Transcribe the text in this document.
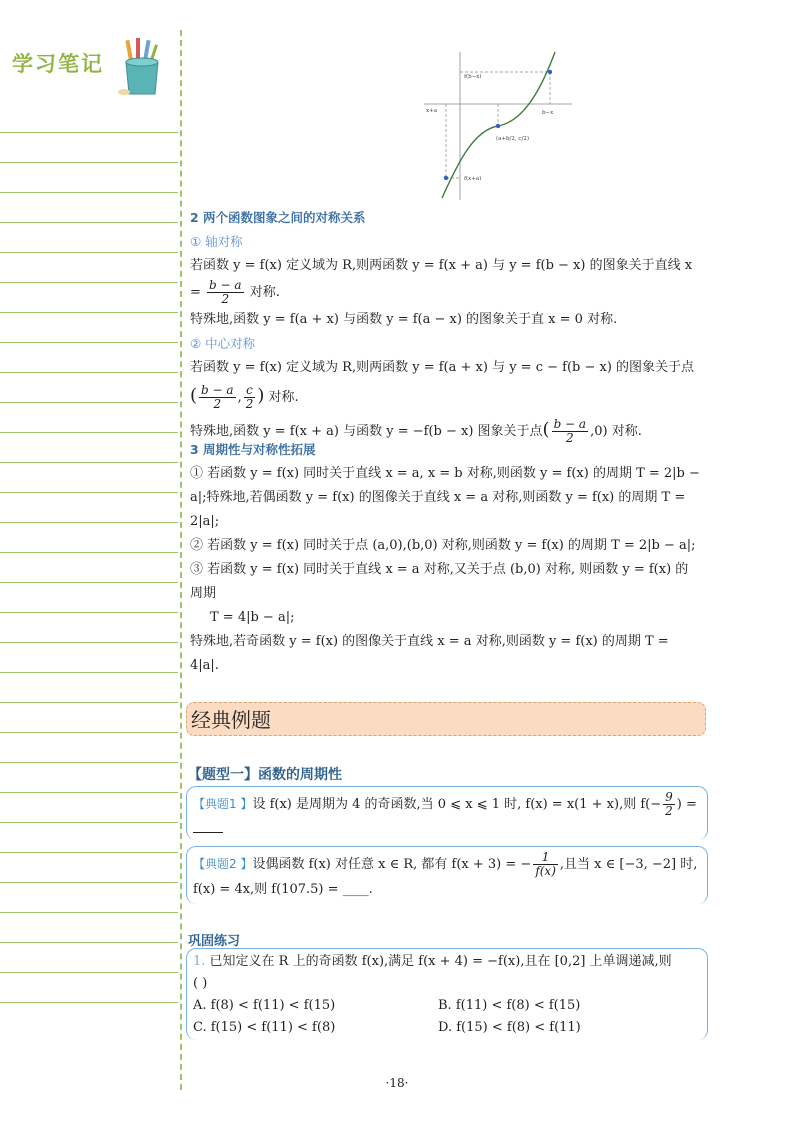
学习笔记
f(b−x)
b−x
x+a
(a+b/2, c/2)
f(x+a)

2 两个函数图象之间的对称关系

① 轴对称

若函数 y = f(x) 定义域为 R,则两函数 y = f(x + a) 与 y = f(b − x) 的图象关于直线 x

= $\frac{b - a}{2}$ 对称.

特殊地,函数 y = f(a + x) 与函数 y = f(a − x) 的图象关于直 x = 0 对称.

② 中心对称

若函数 y = f(x) 定义域为 R,则两函数 y = f(a + x) 与 y = c − f(b − x) 的图象关于点

( $\frac{b - a}{2}$ , $\frac{c}{2}$ ) 对称.

特殊地,函数 y = f(x + a) 与函数 y = −f(b − x) 图象关于点( $\frac{b - a}{2} ,0$) 对称.

3 周期性与对称性拓展

① 若函数 y = f(x) 同时关于直线 x = a, x = b 对称,则函数 y = f(x) 的周期 T = 2|b −

a|;特殊地,若偶函数 y = f(x) 的图像关于直线 x = a 对称,则函数 y = f(x) 的周期 T =

2|a|;

② 若函数 y = f(x) 同时关于点 (a,0),(b,0) 对称,则函数 y = f(x) 的周期 T = 2|b − a|;

③ 若函数 y = f(x) 同时关于直线 x = a 对称,又关于点 (b,0) 对称, 则函数 y = f(x) 的

周期

T = 4|b − a|;

特殊地,若奇函数 y = f(x) 的图像关于直线 x = a 对称,则函数 y = f(x) 的周期 T =

4|a|.

经典例题
【题型一】函数的周期性
【典题1 】设 f(x) 是周期为 4 的奇函数,当 0 ⩽ x ⩽ 1 时, f(x) = x(1 + x),则 $f(- \frac{9}{2}$ ) =

【典题2 】设偶函数 f(x) 对任意 x ∈ R, 都有 f(x + 3) = − $\frac{1}{f(x)}$ ,且当 x ∈ [−3, −2] 时,
f(x) = 4x,则 f(107.5) = ____.
巩固练习
1. 已知定义在 R 上的奇函数 f(x),满足 f(x + 4) = −f(x),且在 [0,2] 上单调递减,则
( )
A. f(8) < f(11) < f(15)	B. f(11) < f(8) < f(15)
C. f(15) < f(11) < f(8)	D. f(15) < f(8) < f(11)
·18·
